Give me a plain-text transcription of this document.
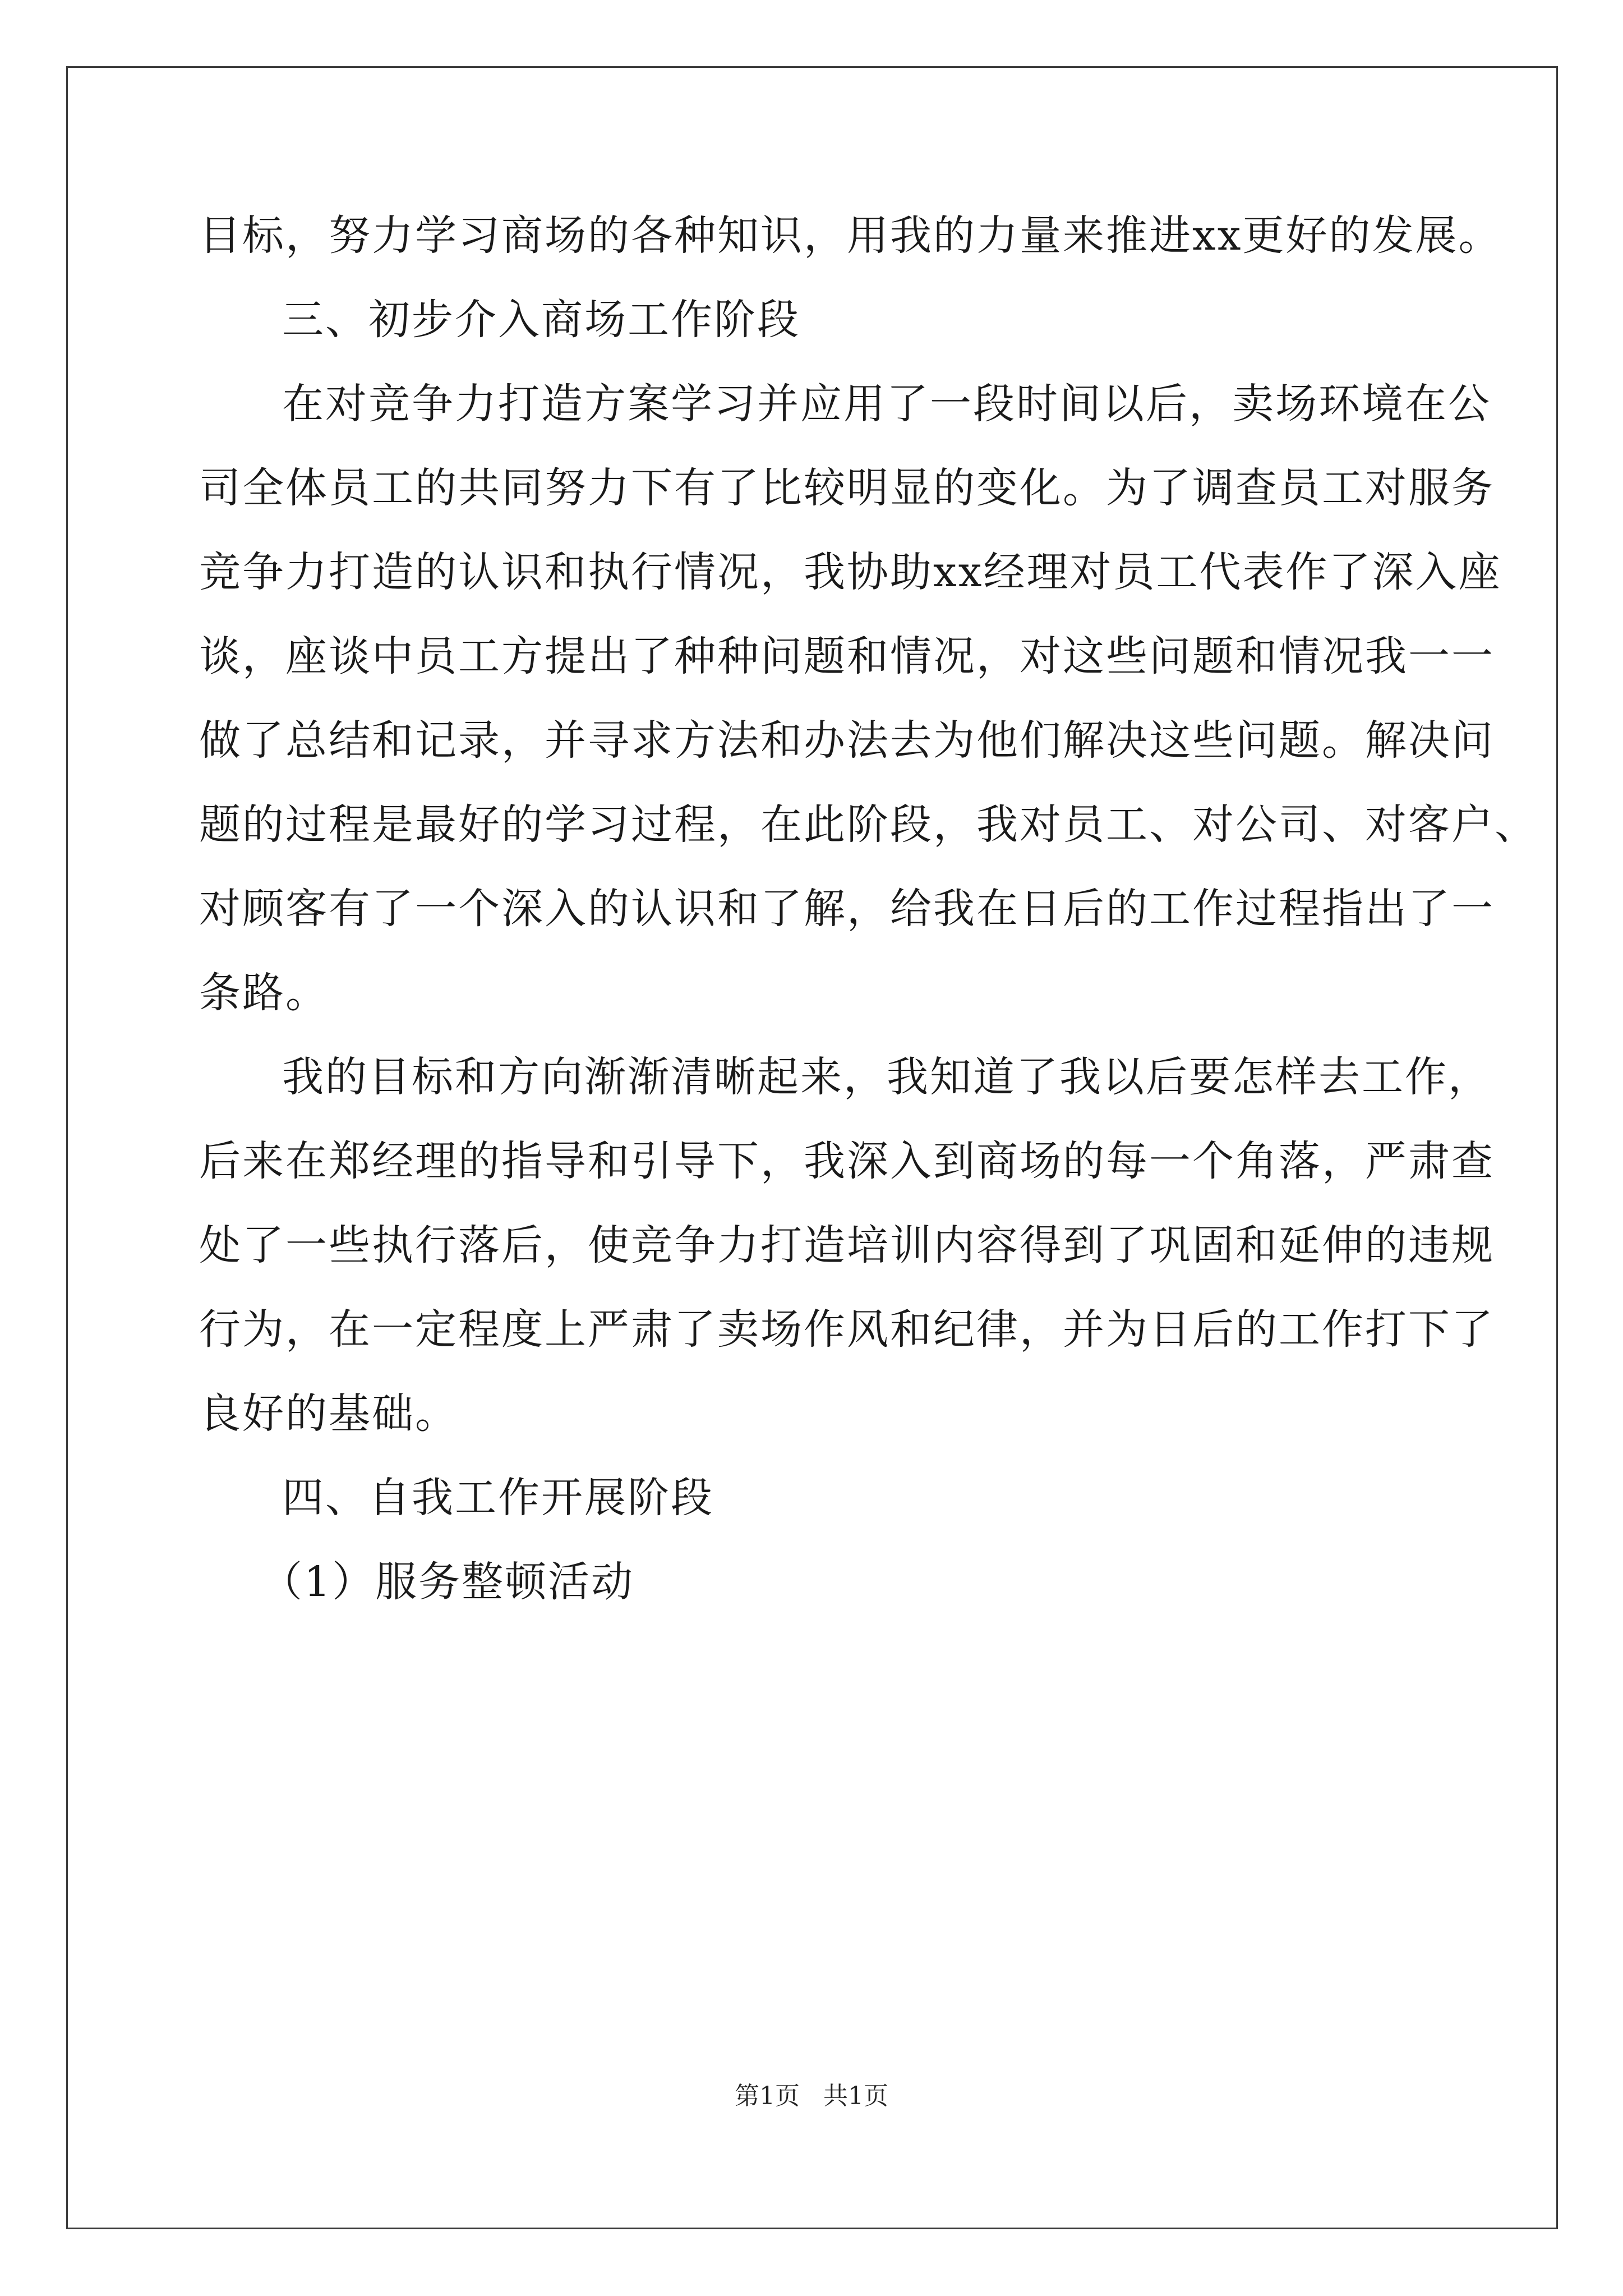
目标，努力学习商场的各种知识，用我的力量来推进xx更好的发展。
三、初步介入商场工作阶段
在对竞争力打造方案学习并应用了一段时间以后，卖场环境在公
司全体员工的共同努力下有了比较明显的变化。为了调查员工对服务
竞争力打造的认识和执行情况，我协助xx经理对员工代表作了深入座
谈，座谈中员工方提出了种种问题和情况，对这些问题和情况我一一
做了总结和记录，并寻求方法和办法去为他们解决这些问题。解决问
题的过程是最好的学习过程，在此阶段，我对员工、对公司、对客户、
对顾客有了一个深入的认识和了解，给我在日后的工作过程指出了一
条路。
我的目标和方向渐渐清晰起来，我知道了我以后要怎样去工作，
后来在郑经理的指导和引导下，我深入到商场的每一个角落，严肃查
处了一些执行落后，使竞争力打造培训内容得到了巩固和延伸的违规
行为，在一定程度上严肃了卖场作风和纪律，并为日后的工作打下了
良好的基础。
四、自我工作开展阶段
（1）服务整顿活动
第1页   共1页
